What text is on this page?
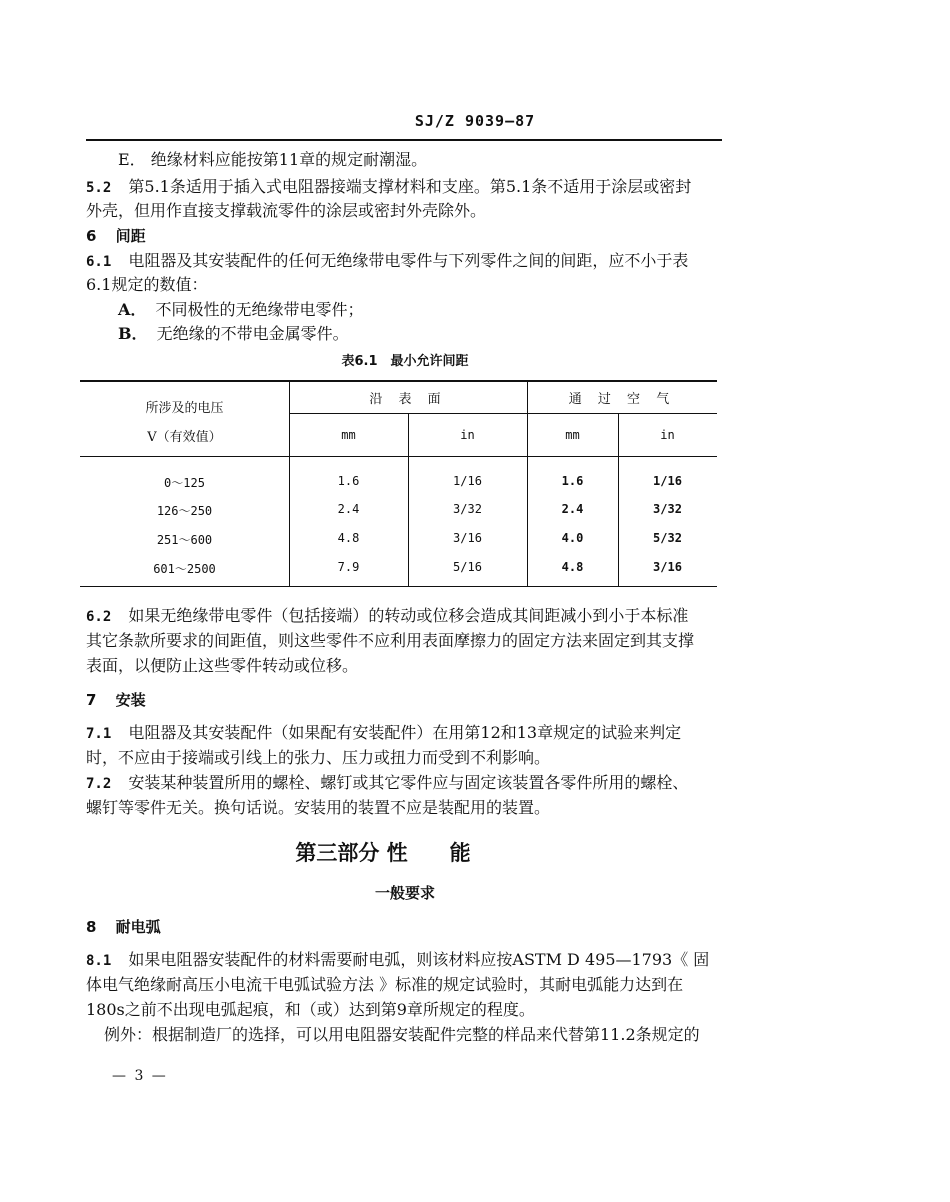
SJ/Z 9039—87
E． 绝缘材料应能按第11章的规定耐潮湿。
5.2 第5.1条适用于插入式电阻器接端支撑材料和支座。第5.1条不适用于涂层或密封
外壳，但用作直接支撑载流零件的涂层或密封外壳除外。
6 间距
6.1 电阻器及其安装配件的任何无绝缘带电零件与下列零件之间的间距，应不小于表
6.1规定的数值：
A． 不同极性的无绝缘带电零件；
B． 无绝缘的不带电金属零件。
表6.1　最小允许间距
所涉及的电压
V（有效值）
沿 表 面	通 过 空 气
mm	in	mm	in
0～125	1.6	1/16	1.6	1/16
126～250	2.4	3/32	2.4	3/32
251～600	4.8	3/16	4.0	5/32
601～2500	7.9	5/16	4.8	3/16
6.2 如果无绝缘带电零件（包括接端）的转动或位移会造成其间距减小到小于本标准
其它条款所要求的间距值，则这些零件不应利用表面摩擦力的固定方法来固定到其支撑
表面，以便防止这些零件转动或位移。
7 安装
7.1 电阻器及其安装配件（如果配有安装配件）在用第12和13章规定的试验来判定
时，不应由于接端或引线上的张力、压力或扭力而受到不利影响。
7.2 安装某种装置所用的螺栓、螺钉或其它零件应与固定该装置各零件所用的螺栓、
螺钉等零件无关。换句话说。安装用的装置不应是装配用的装置。
第三部分 性　　能
一般要求
8 耐电弧
8.1 如果电阻器安装配件的材料需要耐电弧，则该材料应按ASTM D 495—1793《 固
体电气绝缘耐高压小电流干电弧试验方法 》标准的规定试验时，其耐电弧能力达到在
180s之前不出现电弧起痕，和（或）达到第9章所规定的程度。
例外：根据制造厂的选择，可以用电阻器安装配件完整的样品来代替第11.2条规定的
— 3 —
